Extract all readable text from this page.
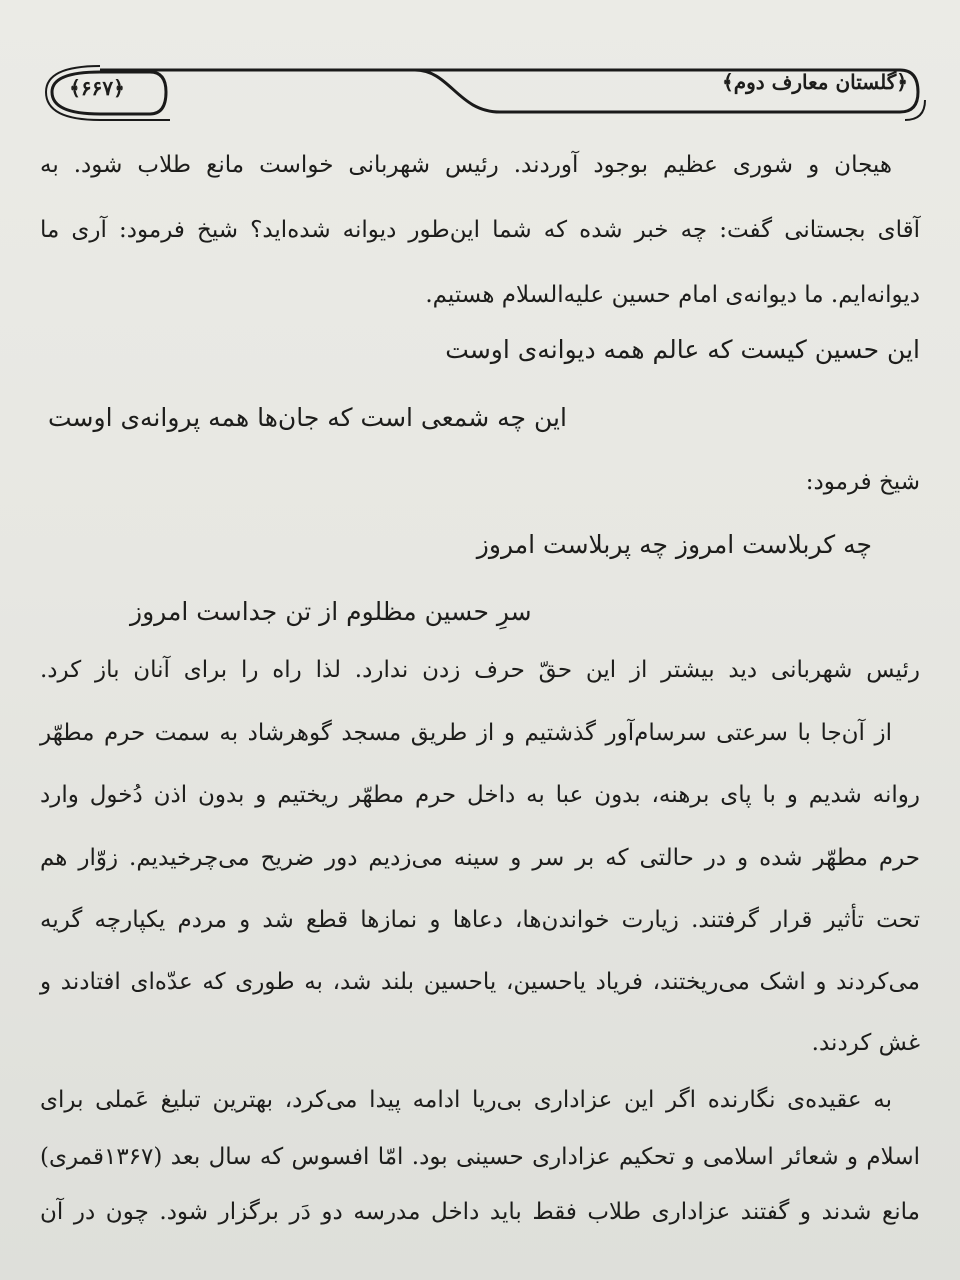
﴿۶۶۷﴾	﴿گلستان معارف دوم﴾
هیجان و شوری عظیم بوجود آوردند. رئیس شهربانی خواست مانع طلاب شود. به
آقای بجستانی گفت: چه خبر شده که شما این‌طور دیوانه شده‌اید؟ شیخ فرمود: آری ما
دیوانه‌ایم. ما دیوانه‌ی امام حسین عليه‌السلام هستیم.
این حسین کیست که عالم همه دیوانه‌ی اوست
این چه شمعی است که جان‌ها همه پروانه‌ی اوست
شیخ فرمود:
چه کربلاست امروز چه پربلاست امروز
سرِ حسین مظلوم از تن جداست امروز
رئیس شهربانی دید بیشتر از این حقّ حرف زدن ندارد. لذا راه را برای آنان باز کرد.
از آن‌جا با سرعتی سرسام‌آور گذشتیم و از طریق مسجد گوهرشاد به سمت حرم مطهّر
روانه شدیم و با پای برهنه، بدون عبا به داخل حرم مطهّر ریختیم و بدون اذن دُخول وارد
حرم مطهّر شده و در حالتی که بر سر و سینه می‌زدیم دور ضریح می‌چرخیدیم. زوّار هم
تحت تأثیر قرار گرفتند. زیارت خواندن‌ها، دعاها و نمازها قطع شد و مردم یکپارچه گریه
می‌کردند و اشک می‌ریختند، فریاد یاحسین، یاحسین بلند شد، به طوری که عدّه‌ای افتادند و
غش کردند.
به عقیده‌ی نگارنده اگر این عزاداری بی‌ریا ادامه پیدا می‌کرد، بهترین تبلیغ عَملی برای
اسلام و شعائر اسلامی و تحکیم عزاداری حسینی بود. امّا افسوس که سال بعد (۱۳۶۷قمری)
مانع شدند و گفتند عزاداری طلاب فقط باید داخل مدرسه دو دَر برگزار شود. چون در آن
